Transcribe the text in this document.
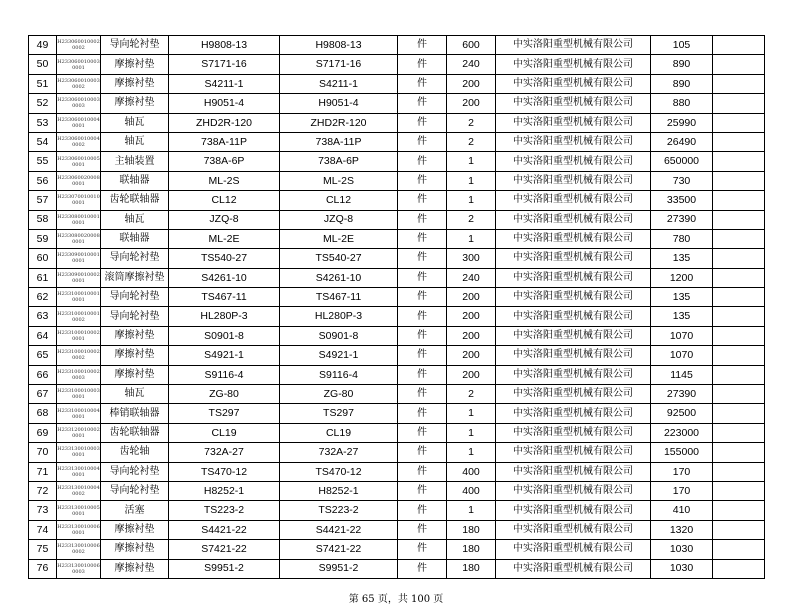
49	H2330600100020002	导向轮衬垫	H9808-13	H9808-13	件	600	中实洛阳重型机械有限公司	105	
50	H2330600100030001	摩擦衬垫	S7171-16	S7171-16	件	240	中实洛阳重型机械有限公司	890	
51	H2330600100030002	摩擦衬垫	S4211-1	S4211-1	件	200	中实洛阳重型机械有限公司	890	
52	H2330600100030003	摩擦衬垫	H9051-4	H9051-4	件	200	中实洛阳重型机械有限公司	880	
53	H2330600100040001	轴瓦	ZHD2R-120	ZHD2R-120	件	2	中实洛阳重型机械有限公司	25990	
54	H2330600100040002	轴瓦	738A-11P	738A-11P	件	2	中实洛阳重型机械有限公司	26490	
55	H2330600100050001	主轴装置	738A-6P	738A-6P	件	1	中实洛阳重型机械有限公司	650000	
56	H2330600200080001	联轴器	ML-2S	ML-2S	件	1	中实洛阳重型机械有限公司	730	
57	H2330700100100001	齿轮联轴器	CL12	CL12	件	1	中实洛阳重型机械有限公司	33500	
58	H2330800100010001	轴瓦	JZQ-8	JZQ-8	件	2	中实洛阳重型机械有限公司	27390	
59	H2330800200080001	联轴器	ML-2E	ML-2E	件	1	中实洛阳重型机械有限公司	780	
60	H2330900100010001	导向轮衬垫	TS540-27	TS540-27	件	300	中实洛阳重型机械有限公司	135	
61	H2330900100020001	滚筒摩擦衬垫	S4261-10	S4261-10	件	240	中实洛阳重型机械有限公司	1200	
62	H2331000100010001	导向轮衬垫	TS467-11	TS467-11	件	200	中实洛阳重型机械有限公司	135	
63	H2331000100010002	导向轮衬垫	HL280P-3	HL280P-3	件	200	中实洛阳重型机械有限公司	135	
64	H2331000100020001	摩擦衬垫	S0901-8	S0901-8	件	200	中实洛阳重型机械有限公司	1070	
65	H2331000100020002	摩擦衬垫	S4921-1	S4921-1	件	200	中实洛阳重型机械有限公司	1070	
66	H2331000100020003	摩擦衬垫	S9116-4	S9116-4	件	200	中实洛阳重型机械有限公司	1145	
67	H2331000100030001	轴瓦	ZG-80	ZG-80	件	2	中实洛阳重型机械有限公司	27390	
68	H2331000100040001	棒销联轴器	TS297	TS297	件	1	中实洛阳重型机械有限公司	92500	
69	H2331200100020001	齿轮联轴器	CL19	CL19	件	1	中实洛阳重型机械有限公司	223000	
70	H2331300100030001	齿轮轴	732A-27	732A-27	件	1	中实洛阳重型机械有限公司	155000	
71	H2331300100040001	导向轮衬垫	TS470-12	TS470-12	件	400	中实洛阳重型机械有限公司	170	
72	H2331300100040002	导向轮衬垫	H8252-1	H8252-1	件	400	中实洛阳重型机械有限公司	170	
73	H2331300100050001	活塞	TS223-2	TS223-2	件	1	中实洛阳重型机械有限公司	410	
74	H2331300100060001	摩擦衬垫	S4421-22	S4421-22	件	180	中实洛阳重型机械有限公司	1320	
75	H2331300100060002	摩擦衬垫	S7421-22	S7421-22	件	180	中实洛阳重型机械有限公司	1030	
76	H2331300100060003	摩擦衬垫	S9951-2	S9951-2	件	180	中实洛阳重型机械有限公司	1030	
第 65 页，共 100 页
